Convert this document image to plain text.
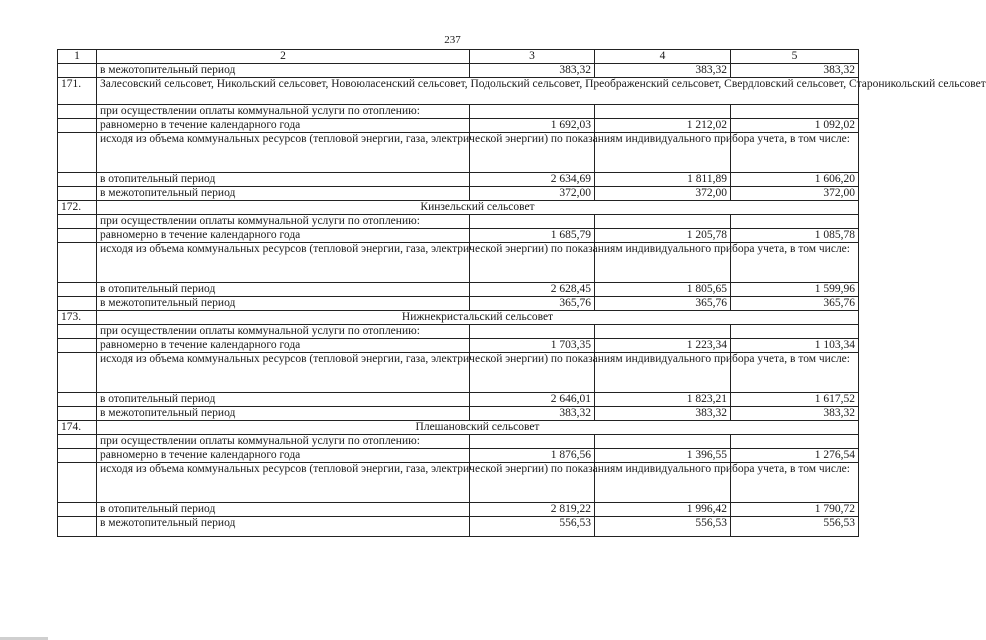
237
1	2	3	4	5
	в межотопительный период	383,32	383,32	383,32
171.	Залесовский сельсовет, Никольский сельсовет, Новоюласенский сельсовет, Подольский сельсовет, Преображенский сельсовет, Свердловский сельсовет, Староникольский сельсовет			
	при осуществлении оплаты коммунальной услуги по отоплению:			
	равномерно в течение календарного года	1 692,03	1 212,02	1 092,02
	исходя из объема коммунальных ресурсов (тепловой энергии, газа, электрической энергии) по показаниям индивидуального прибора учета, в том числе:			
	в отопительный период	2 634,69	1 811,89	1 606,20
	в межотопительный период	372,00	372,00	372,00
172.	Кинзельский сельсовет			
	при осуществлении оплаты коммунальной услуги по отоплению:			
	равномерно в течение календарного года	1 685,79	1 205,78	1 085,78
	исходя из объема коммунальных ресурсов (тепловой энергии, газа, электрической энергии) по показаниям индивидуального прибора учета, в том числе:			
	в отопительный период	2 628,45	1 805,65	1 599,96
	в межотопительный период	365,76	365,76	365,76
173.	Нижнекристальский сельсовет			
	при осуществлении оплаты коммунальной услуги по отоплению:			
	равномерно в течение календарного года	1 703,35	1 223,34	1 103,34
	исходя из объема коммунальных ресурсов (тепловой энергии, газа, электрической энергии) по показаниям индивидуального прибора учета, в том числе:			
	в отопительный период	2 646,01	1 823,21	1 617,52
	в межотопительный период	383,32	383,32	383,32
174.	Плешановский сельсовет			
	при осуществлении оплаты коммунальной услуги по отоплению:			
	равномерно в течение календарного года	1 876,56	1 396,55	1 276,54
	исходя из объема коммунальных ресурсов (тепловой энергии, газа, электрической энергии) по показаниям индивидуального прибора учета, в том числе:			
	в отопительный период	2 819,22	1 996,42	1 790,72
	в межотопительный период	556,53	556,53	556,53
